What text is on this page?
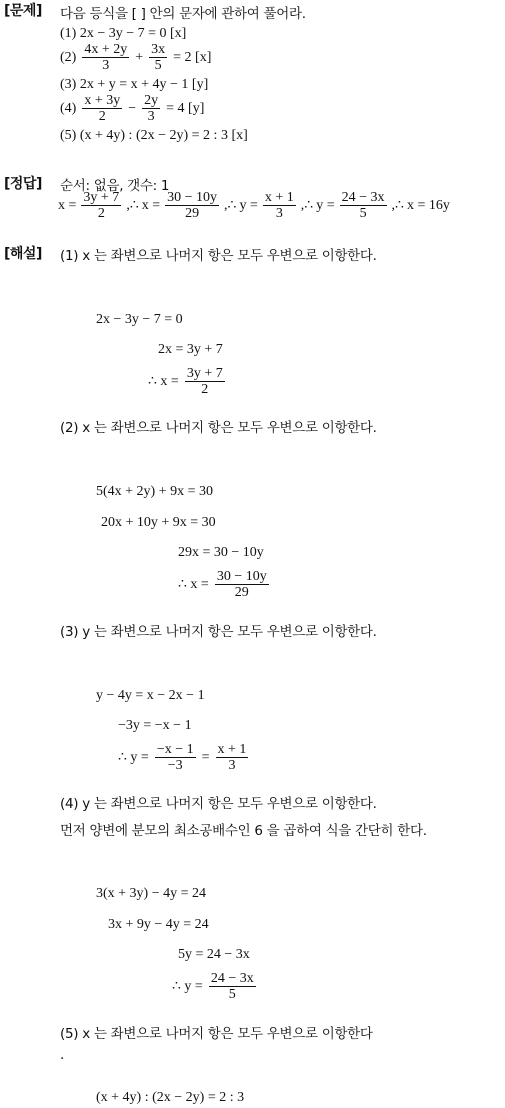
[문제] 다음 등식을 [ ] 안의 문자에 관하여 풀어라.
(1) 2x − 3y − 7 = 0 [x]
$(2) \frac{4x + 2y}{3} + \frac{3x}{5} = 2$ [x]
(3) 2x + y = x + 4y − 1 [y]
$(4) \frac{x + 3y}{2} - \frac{2y}{3} = 4$ [y]
(5) (x + 4y) : (2x − 2y) = 2 : 3 [x]
[정답] 순서: 없음, 갯수: 1
$x = \frac{3y + 7}{2}$ ,∴ $x = \frac{30 - 10y}{29}$ ,∴ $y = \frac{x + 1}{3}$ ,∴ $y = \frac{24 - 3x}{5}$ ,∴ x = 16y
[해설] (1) x 는 좌변으로 나머지 항은 모두 우변으로 이항한다.
2x − 3y − 7 = 0
2x = 3y + 7
∴ $x = \frac{3y + 7}{2}$
(2) x 는 좌변으로 나머지 항은 모두 우변으로 이항한다.
5(4x + 2y) + 9x = 30
20x + 10y + 9x = 30
29x = 30 − 10y
∴ $x = \frac{30 - 10y}{29}$
(3) y 는 좌변으로 나머지 항은 모두 우변으로 이항한다.
y − 4y = x − 2x − 1
−3y = −x − 1
∴ $y = \frac{-x - 1}{-3} = \frac{x + 1}{3}$
(4) y 는 좌변으로 나머지 항은 모두 우변으로 이항한다.
먼저 양변에 분모의 최소공배수인 6 을 곱하여 식을 간단히 한다.
3(x + 3y) − 4y = 24
3x + 9y − 4y = 24
5y = 24 − 3x
∴ $y = \frac{24 - 3x}{5}$
(5) x 는 좌변으로 나머지 항은 모두 우변으로 이항한다
.
(x + 4y) : (2x − 2y) = 2 : 3
